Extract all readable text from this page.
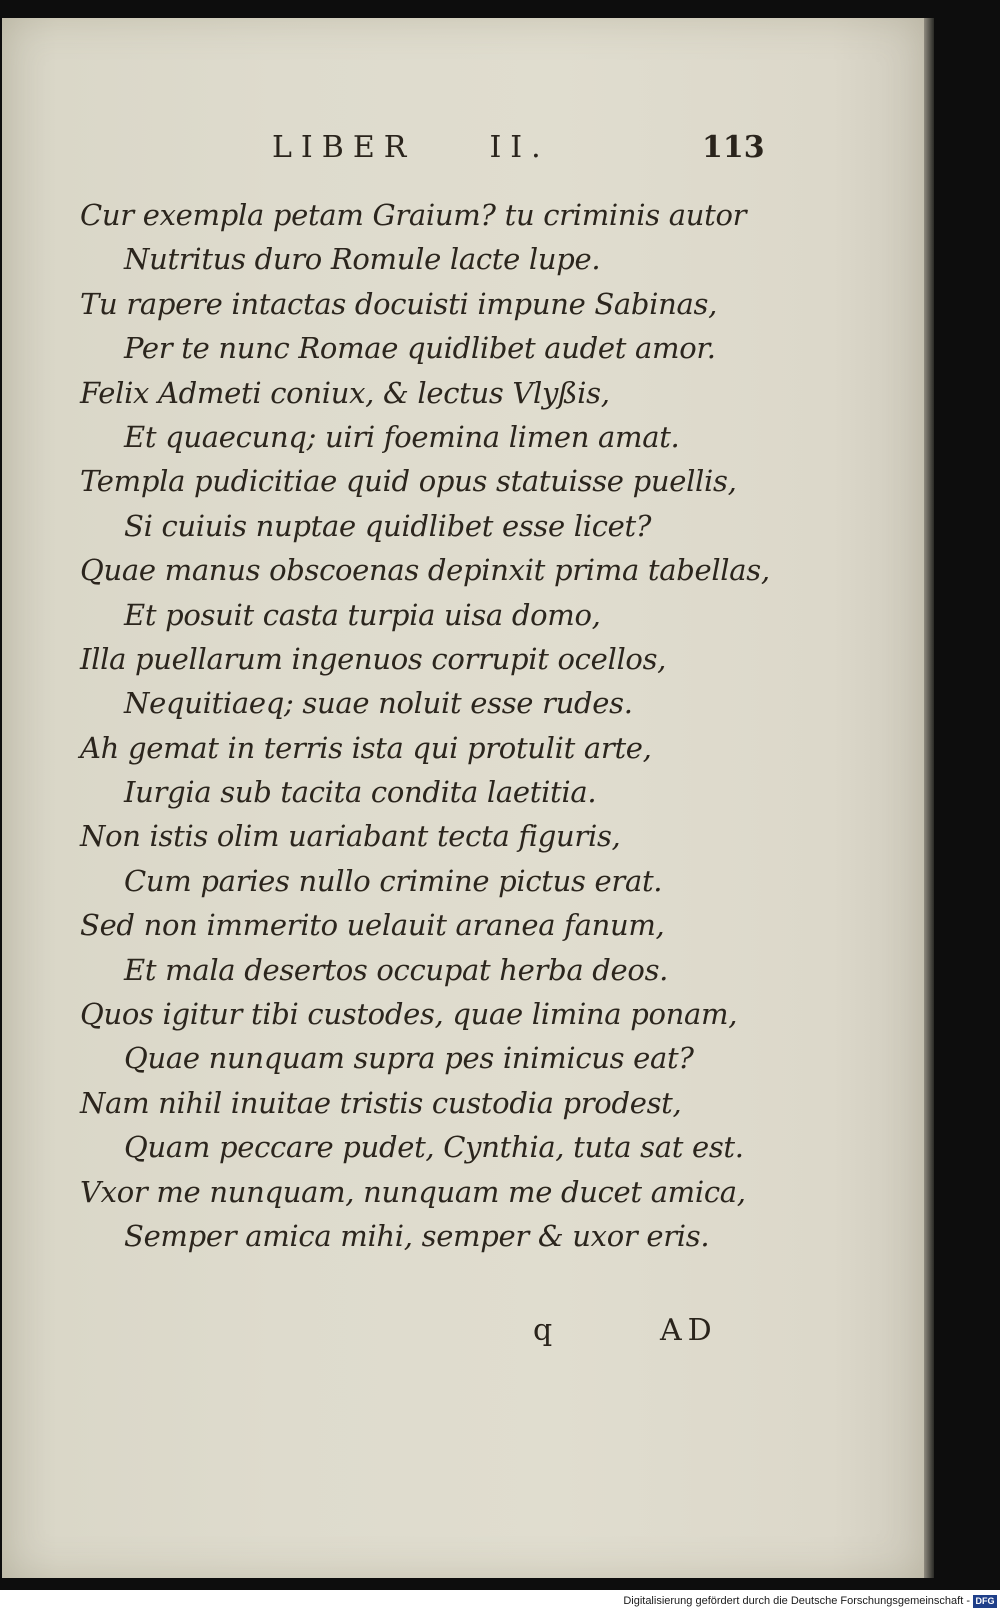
LIBER    II.	113
Cur exempla petam Graium? tu criminis autor
Nutritus duro Romule lacte lupe.
Tu rapere intactas docuisti impune Sabinas,
Per te nunc Romae quidlibet audet amor.
Felix Admeti coniux, & lectus Vlyßis,
Et quaecunq; uiri foemina limen amat.
Templa pudicitiae quid opus statuisse puellis,
Si cuiuis nuptae quidlibet esse licet?
Quae manus obscoenas depinxit prima tabellas,
Et posuit casta turpia uisa domo,
Illa puellarum ingenuos corrupit ocellos,
Nequitiaeq; suae noluit esse rudes.
Ah gemat in terris ista qui protulit arte,
Iurgia sub tacita condita laetitia.
Non istis olim uariabant tecta figuris,
Cum paries nullo crimine pictus erat.
Sed non immerito uelauit aranea fanum,
Et mala desertos occupat herba deos.
Quos igitur tibi custodes, quae limina ponam,
Quae nunquam supra pes inimicus eat?
Nam nihil inuitae tristis custodia prodest,
Quam peccare pudet, Cynthia, tuta sat est.
Vxor me nunquam, nunquam me ducet amica,
Semper amica mihi, semper & uxor eris.
q	AD
Digitalisierung gefördert durch die Deutsche Forschungsgemeinschaft - DFG
